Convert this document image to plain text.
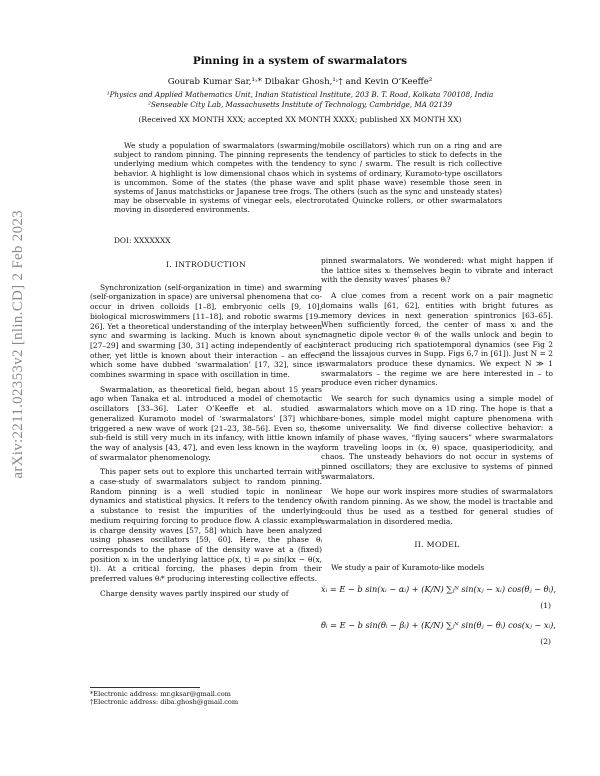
arXiv:2211.02353v2 [nlin.CD] 2 Feb 2023
Pinning in a system of swarmalators
Gourab Kumar Sar,¹˒* Dibakar Ghosh,¹˒† and Kevin O’Keeffe²
¹Physics and Applied Mathematics Unit, Indian Statistical Institute, 203 B. T. Road, Kolkata 700108, India
²Senseable City Lab, Massachusetts Institute of Technology, Cambridge, MA 02139
(Received XX MONTH XXX; accepted XX MONTH XXXX; published XX MONTH XX)

We study a population of swarmalators (swarming/mobile oscillators) which run on a ring and are subject to random pinning. The pinning represents the tendency of particles to stick to defects in the underlying medium which competes with the tendency to sync / swarm. The result is rich collective behavior. A highlight is low dimensional chaos which in systems of ordinary, Kuramoto-type oscillators is uncommon. Some of the states (the phase wave and split phase wave) resemble those seen in systems of Janus matchsticks or Japanese tree frogs. The others (such as the sync and unsteady states) may be observable in systems of vinegar eels, electrorotated Quincke rollers, or other swarmalators moving in disordered environments.

DOI: XXXXXXX
I. INTRODUCTION

Synchronization (self-organization in time) and swarming (self-organization in space) are universal phenomena that co-occur in driven colloids [1–8], embryonic cells [9, 10], biological microswimmers [11–18], and robotic swarms [19–26]. Yet a theoretical understanding of the interplay between sync and swarming is lacking. Much is known about sync [27–29] and swarming [30, 31] acting independently of each other, yet little is known about their interaction – an effect which some have dubbed ‘swarmalation’ [17, 32], since it combines swarming in space with oscillation in time.

Swarmalation, as theoretical field, began about 15 years ago when Tanaka et al. introduced a model of chemotactic oscillators [33–36]. Later O’Keeffe et al. studied a generalized Kuramoto model of ‘swarmalators’ [37] which triggered a new wave of work [21–23, 38–56]. Even so, the sub-field is still very much in its infancy, with little known in the way of analysis [43, 47], and even less known in the way of swarmalator phenomenology.

This paper sets out to explore this uncharted terrain with a case-study of swarmalators subject to random pinning. Random pinning is a well studied topic in nonlinear dynamics and statistical physics. It refers to the tendency of a substance to resist the impurities of the underlying medium requiring forcing to produce flow. A classic example is charge density waves [57, 58] which have been analyzed using phases oscillators [59, 60]. Here, the phase θᵢ corresponds to the phase of the density wave at a (fixed) position xᵢ in the underlying lattice ρ(x, t) = ρ₀ sin(kx − θ(x, t)). At a critical forcing, the phases depin from their preferred values θᵢ* producing interesting collective effects.

Charge density waves partly inspired our study of

pinned swarmalators. We wondered: what might happen if the lattice sites xᵢ themselves begin to vibrate and interact with the density waves’ phases θᵢ?

A clue comes from a recent work on a pair magnetic domains walls [61, 62], entities with bright futures as memory devices in next generation spintronics [63–65]. When sufficiently forced, the center of mass xᵢ and the magnetic dipole vector θᵢ of the walls unlock and begin to interact producing rich spatiotemporal dynamics (see Fig 2 and the lissajous curves in Supp. Figs 6,7 in [61]). Just N = 2 swarmalators produce these dynamics. We expect N ≫ 1 swarmalators – the regime we are here interested in – to produce even richer dynamics.

We search for such dynamics using a simple model of swarmalators which move on a 1D ring. The hope is that a bare-bones, simple model might capture phenomena with some universality. We find diverse collective behavior: a family of phase waves, “flying saucers” where swarmalators form traveling loops in (x, θ) space, quasiperiodicity, and chaos. The unsteady behaviors do not occur in systems of pinned oscillators; they are exclusive to systems of pinned swarmalators.

We hope our work inspires more studies of swarmalators with random pinning. As we show, the model is tractable and could thus be used as a testbed for general studies of swarmalation in disordered media.

II. MODEL

We study a pair of Kuramoto-like models

ẋᵢ = E − b sin(xᵢ − αᵢ) + (K/N) ∑ⱼᴺ sin(xⱼ − xᵢ) cos(θⱼ − θᵢ),
(1)
θ̇ᵢ = E − b sin(θᵢ − βᵢ) + (K/N) ∑ⱼᴺ sin(θⱼ − θᵢ) cos(xⱼ − xᵢ),
(2)
*Electronic address: mr.gksar@gmail.com
†Electronic address: diba.ghosh@gmail.com
